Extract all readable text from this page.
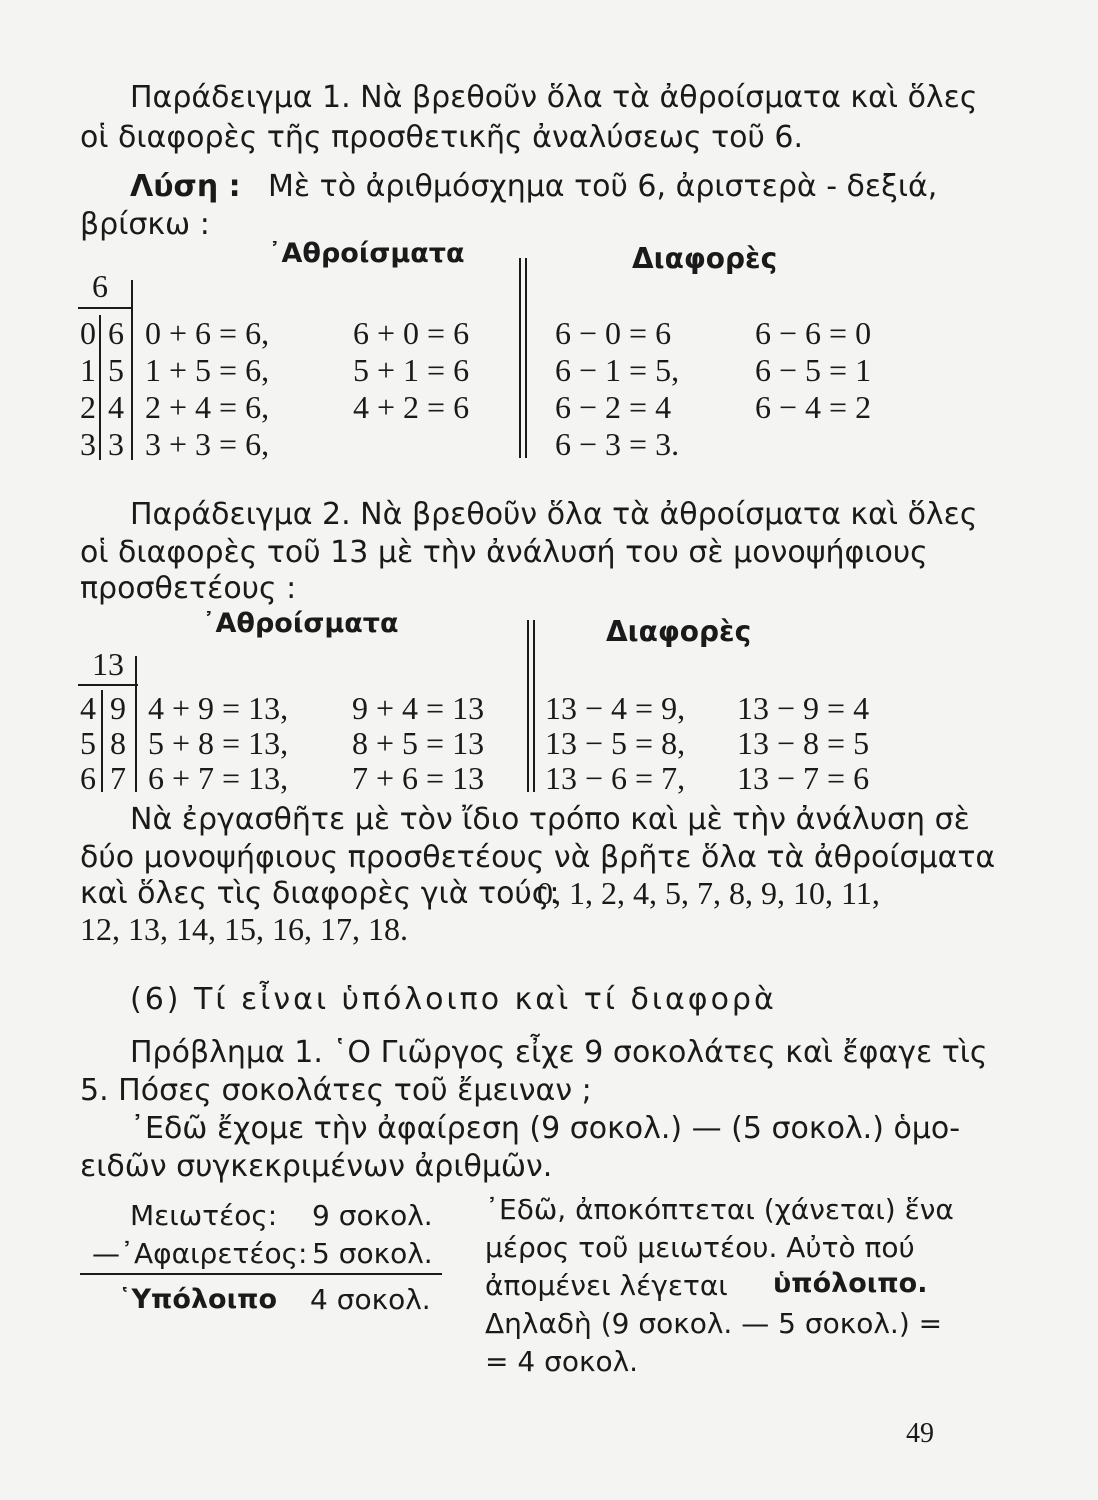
Παράδειγμα 1. Νὰ βρεθοῦν ὅλα τὰ ἀθροίσματα καὶ ὅλες
οἱ διαφορὲς τῆς προσθετικῆς ἀναλύσεως τοῦ 6.
Λύση : Μὲ τὸ ἀριθμόσχημα τοῦ 6, ἀριστερὰ - δεξιά,
βρίσκω :
᾽Αθροίσματα	Διαφορὲς
6
0 6
1 5
2 4
3 3
0 + 6 = 6,
1 + 5 = 6,
2 + 4 = 6,
3 + 3 = 6,
6 + 0 = 6
5 + 1 = 6
4 + 2 = 6
6 − 0 = 6
6 − 1 = 5,
6 − 2 = 4
6 − 3 = 3.
6 − 6 = 0
6 − 5 = 1
6 − 4 = 2
Παράδειγμα 2. Νὰ βρεθοῦν ὅλα τὰ ἀθροίσματα καὶ ὅλες
οἱ διαφορὲς τοῦ 13 μὲ τὴν ἀνάλυσή του σὲ μονοψήφιους
προσθετέους :
᾽Αθροίσματα	Διαφορὲς
13
4 9
5 8
6 7
4 + 9 = 13,
5 + 8 = 13,
6 + 7 = 13,
9 + 4 = 13
8 + 5 = 13
7 + 6 = 13
13 − 4 = 9,
13 − 5 = 8,
13 − 6 = 7,
13 − 9 = 4
13 − 8 = 5
13 − 7 = 6
Νὰ ἐργασθῆτε μὲ τὸν ἴδιο τρόπο καὶ μὲ τὴν ἀνάλυση σὲ
δύο μονοψήφιους προσθετέους νὰ βρῆτε ὅλα τὰ ἀθροίσματα
καὶ ὅλες τὶς διαφορὲς γιὰ τούς:
0, 1, 2, 4, 5, 7, 8, 9, 10, 11,
12, 13, 14, 15, 16, 17, 18.
(6) Τί εἶναι ὑπόλοιπο καὶ τί διαφορὰ
Πρόβλημα 1. ῾Ο Γιῶργος εἶχε 9 σοκολάτες καὶ ἔφαγε τὶς
5. Πόσες σοκολάτες τοῦ ἔμειναν ;
᾽Εδῶ ἔχομε τὴν ἀφαίρεση (9 σοκολ.) — (5 σοκολ.) ὁμο-
ειδῶν συγκεκριμένων ἀριθμῶν.
Μειωτέος: 9 σοκολ.
—᾽Αφαιρετέος: 5 σοκολ.
῾Υπόλοιπο 4 σοκολ.
᾽Εδῶ, ἀποκόπτεται (χάνεται) ἕνα
μέρος τοῦ μειωτέου. Αὐτὸ πού
ἀπομένει λέγεται ὑπόλοιπο.
Δηλαδὴ (9 σοκολ. — 5 σοκολ.) =
= 4 σοκολ.
49
